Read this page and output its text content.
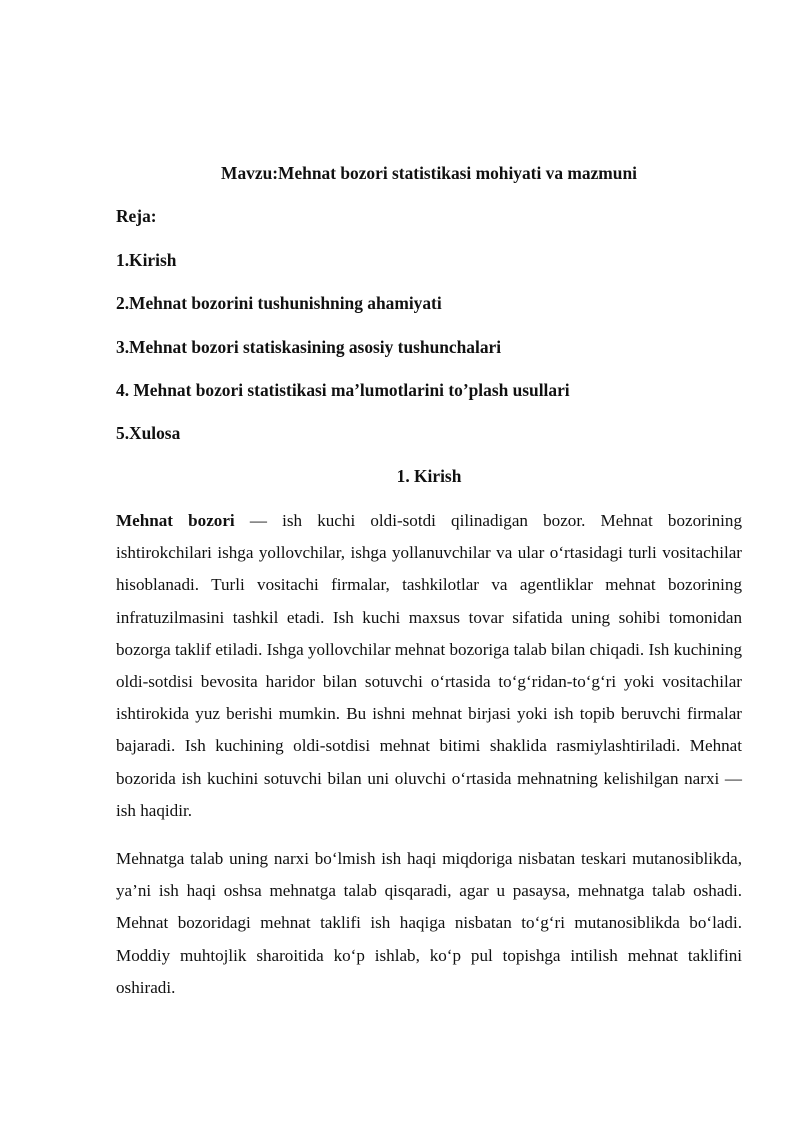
Mavzu:Mehnat bozori statistikasi mohiyati va mazmuni

Reja:

1.Kirish

2.Mehnat bozorini tushunishning ahamiyati

3.Mehnat bozori statiskasining asosiy tushunchalari

4. Mehnat bozori statistikasi ma’lumotlarini to’plash usullari

5.Xulosa

1. Kirish

Mehnat bozori — ish kuchi oldi-sotdi qilinadigan bozor. Mehnat bozorining ishtirokchilari ishga yollovchilar, ishga yollanuvchilar va ular oʻrtasidagi turli vositachilar hisoblanadi. Turli vositachi firmalar, tashkilotlar va agentliklar mehnat bozorining infratuzilmasini tashkil etadi. Ish kuchi maxsus tovar sifatida uning sohibi tomonidan bozorga taklif etiladi. Ishga yollovchilar mehnat bozoriga talab bilan chiqadi. Ish kuchining oldi-sotdisi bevosita haridor bilan sotuvchi oʻrtasida toʻgʻridan-toʻgʻri yoki vositachilar ishtirokida yuz berishi mumkin. Bu ishni mehnat birjasi yoki ish topib beruvchi firmalar bajaradi. Ish kuchining oldi-sotdisi mehnat bitimi shaklida rasmiylashtiriladi. Mehnat bozorida ish kuchini sotuvchi bilan uni oluvchi oʻrtasida mehnatning kelishilgan narxi — ish haqidir.

Mehnatga talab uning narxi boʻlmish ish haqi miqdoriga nisbatan teskari mutanosiblikda, ya’ni ish haqi oshsa mehnatga talab qisqaradi, agar u pasaysa, mehnatga talab oshadi. Mehnat bozoridagi mehnat taklifi ish haqiga nisbatan toʻgʻri mutanosiblikda boʻladi. Moddiy muhtojlik sharoitida koʻp ishlab, koʻp pul topishga intilish mehnat taklifini oshiradi.
